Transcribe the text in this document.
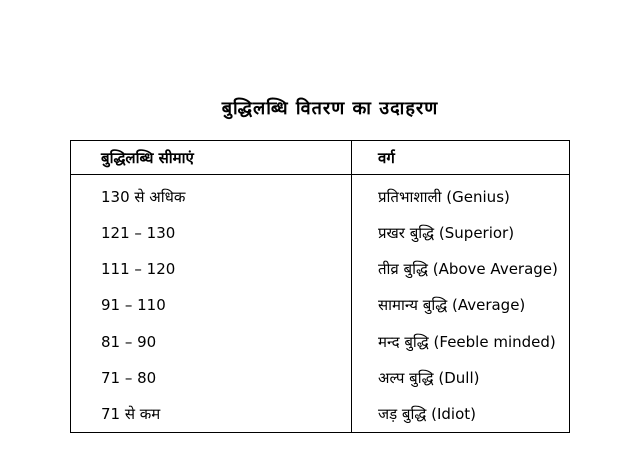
बुद्धिलब्धि वितरण का उदाहरण
बुद्धिलब्धि सीमाएं	वर्ग
130 से अधिक	प्रतिभाशाली (Genius)
121 – 130	प्रखर बुद्धि (Superior)
111 – 120	तीव्र बुद्धि (Above Average)
91 – 110	सामान्य बुद्धि (Average)
81 – 90	मन्द बुद्धि (Feeble minded)
71 – 80	अल्प बुद्धि (Dull)
71 से कम	जड़ बुद्धि (Idiot)
